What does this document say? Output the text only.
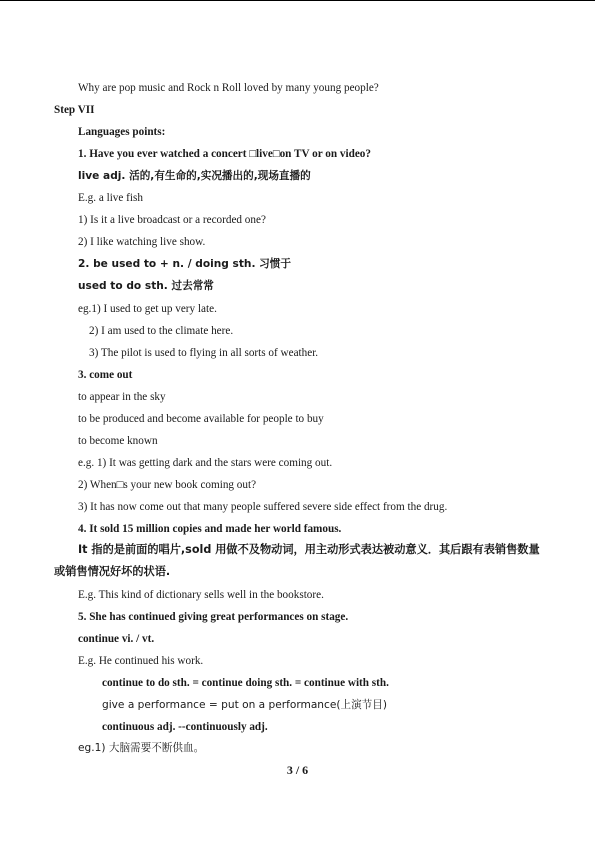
Why are pop music and Rock n Roll loved by many young people?
Step VII
Languages points:
1. Have you ever watched a concert □live□on TV or on video?
live adj. 活的,有生命的,实况播出的,现场直播的
E.g. a live fish
1) Is it a live broadcast or a recorded one?
2) I like watching live show.
2. be used to + n. / doing sth. 习惯于
used to do sth. 过去常常
eg.1) I used to get up very late.
2) I am used to the climate here.
3) The pilot is used to flying in all sorts of weather.
3. come out
to appear in the sky
to be produced and become available for people to buy
to become known
e.g. 1) It was getting dark and the stars were coming out.
2) When□s your new book coming out?
3) It has now come out that many people suffered severe side effect from the drug.
4. It sold 15 million copies and made her world famous.
It 指的是前面的唱片,sold 用做不及物动词，用主动形式表达被动意义．其后跟有表销售数量或销售情况好坏的状语.
E.g. This kind of dictionary sells well in the bookstore.
5. She has continued giving great performances on stage.
continue vi. / vt.
E.g. He continued his work.
continue to do sth. = continue doing sth. = continue with sth.
give a performance = put on a performance(上演节目)
continuous adj. --continuously adj.
eg.1) 大脑需要不断供血。
3 / 6
